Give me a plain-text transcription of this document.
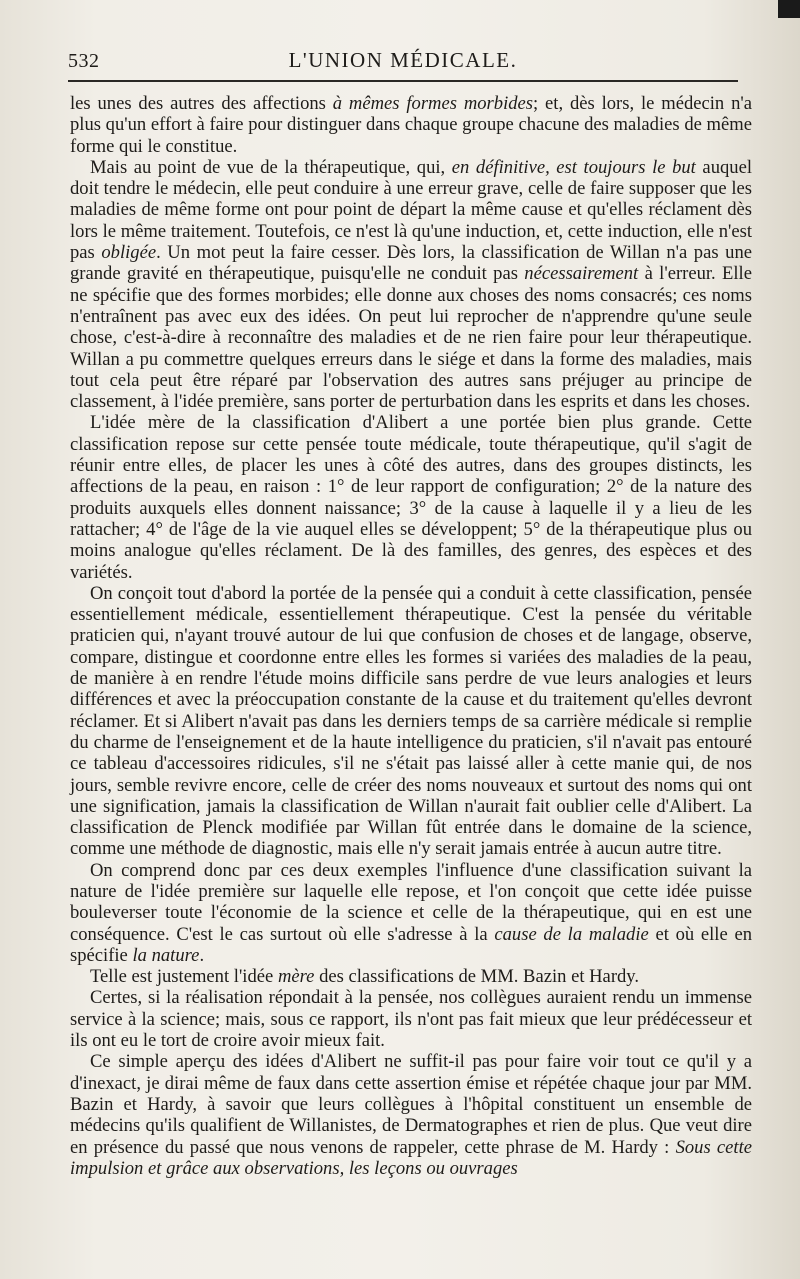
532	L'UNION MÉDICALE.

les unes des autres des affections à mêmes formes morbides; et, dès lors, le médecin n'a plus qu'un effort à faire pour distinguer dans chaque groupe chacune des maladies de même forme qui le constitue.

Mais au point de vue de la thérapeutique, qui, en définitive, est toujours le but auquel doit tendre le médecin, elle peut conduire à une erreur grave, celle de faire supposer que les maladies de même forme ont pour point de départ la même cause et qu'elles réclament dès lors le même traitement. Toutefois, ce n'est là qu'une induction, et, cette induction, elle n'est pas obligée. Un mot peut la faire cesser. Dès lors, la classification de Willan n'a pas une grande gravité en thérapeutique, puisqu'elle ne conduit pas nécessairement à l'erreur. Elle ne spécifie que des formes morbides; elle donne aux choses des noms consacrés; ces noms n'entraînent pas avec eux des idées. On peut lui reprocher de n'apprendre qu'une seule chose, c'est-à-dire à reconnaître des maladies et de ne rien faire pour leur thérapeutique. Willan a pu commettre quelques erreurs dans le siége et dans la forme des maladies, mais tout cela peut être réparé par l'observation des autres sans préjuger au principe de classement, à l'idée première, sans porter de perturbation dans les esprits et dans les choses.

L'idée mère de la classification d'Alibert a une portée bien plus grande. Cette classification repose sur cette pensée toute médicale, toute thérapeutique, qu'il s'agit de réunir entre elles, de placer les unes à côté des autres, dans des groupes distincts, les affections de la peau, en raison : 1° de leur rapport de configuration; 2° de la nature des produits auxquels elles donnent naissance; 3° de la cause à laquelle il y a lieu de les rattacher; 4° de l'âge de la vie auquel elles se développent; 5° de la thérapeutique plus ou moins analogue qu'elles réclament. De là des familles, des genres, des espèces et des variétés.

On conçoit tout d'abord la portée de la pensée qui a conduit à cette classification, pensée essentiellement médicale, essentiellement thérapeutique. C'est la pensée du véritable praticien qui, n'ayant trouvé autour de lui que confusion de choses et de langage, observe, compare, distingue et coordonne entre elles les formes si variées des maladies de la peau, de manière à en rendre l'étude moins difficile sans perdre de vue leurs analogies et leurs différences et avec la préoccupation constante de la cause et du traitement qu'elles devront réclamer. Et si Alibert n'avait pas dans les derniers temps de sa carrière médicale si remplie du charme de l'enseignement et de la haute intelligence du praticien, s'il n'avait pas entouré ce tableau d'accessoires ridicules, s'il ne s'était pas laissé aller à cette manie qui, de nos jours, semble revivre encore, celle de créer des noms nouveaux et surtout des noms qui ont une signification, jamais la classification de Willan n'aurait fait oublier celle d'Alibert. La classification de Plenck modifiée par Willan fût entrée dans le domaine de la science, comme une méthode de diagnostic, mais elle n'y serait jamais entrée à aucun autre titre.

On comprend donc par ces deux exemples l'influence d'une classification suivant la nature de l'idée première sur laquelle elle repose, et l'on conçoit que cette idée puisse bouleverser toute l'économie de la science et celle de la thérapeutique, qui en est une conséquence. C'est le cas surtout où elle s'adresse à la cause de la maladie et où elle en spécifie la nature.

Telle est justement l'idée mère des classifications de MM. Bazin et Hardy.

Certes, si la réalisation répondait à la pensée, nos collègues auraient rendu un immense service à la science; mais, sous ce rapport, ils n'ont pas fait mieux que leur prédécesseur et ils ont eu le tort de croire avoir mieux fait.

Ce simple aperçu des idées d'Alibert ne suffit-il pas pour faire voir tout ce qu'il y a d'inexact, je dirai même de faux dans cette assertion émise et répétée chaque jour par MM. Bazin et Hardy, à savoir que leurs collègues à l'hôpital constituent un ensemble de médecins qu'ils qualifient de Willanistes, de Dermatographes et rien de plus. Que veut dire en présence du passé que nous venons de rappeler, cette phrase de M. Hardy : Sous cette impulsion et grâce aux observations, les leçons ou ouvrages
